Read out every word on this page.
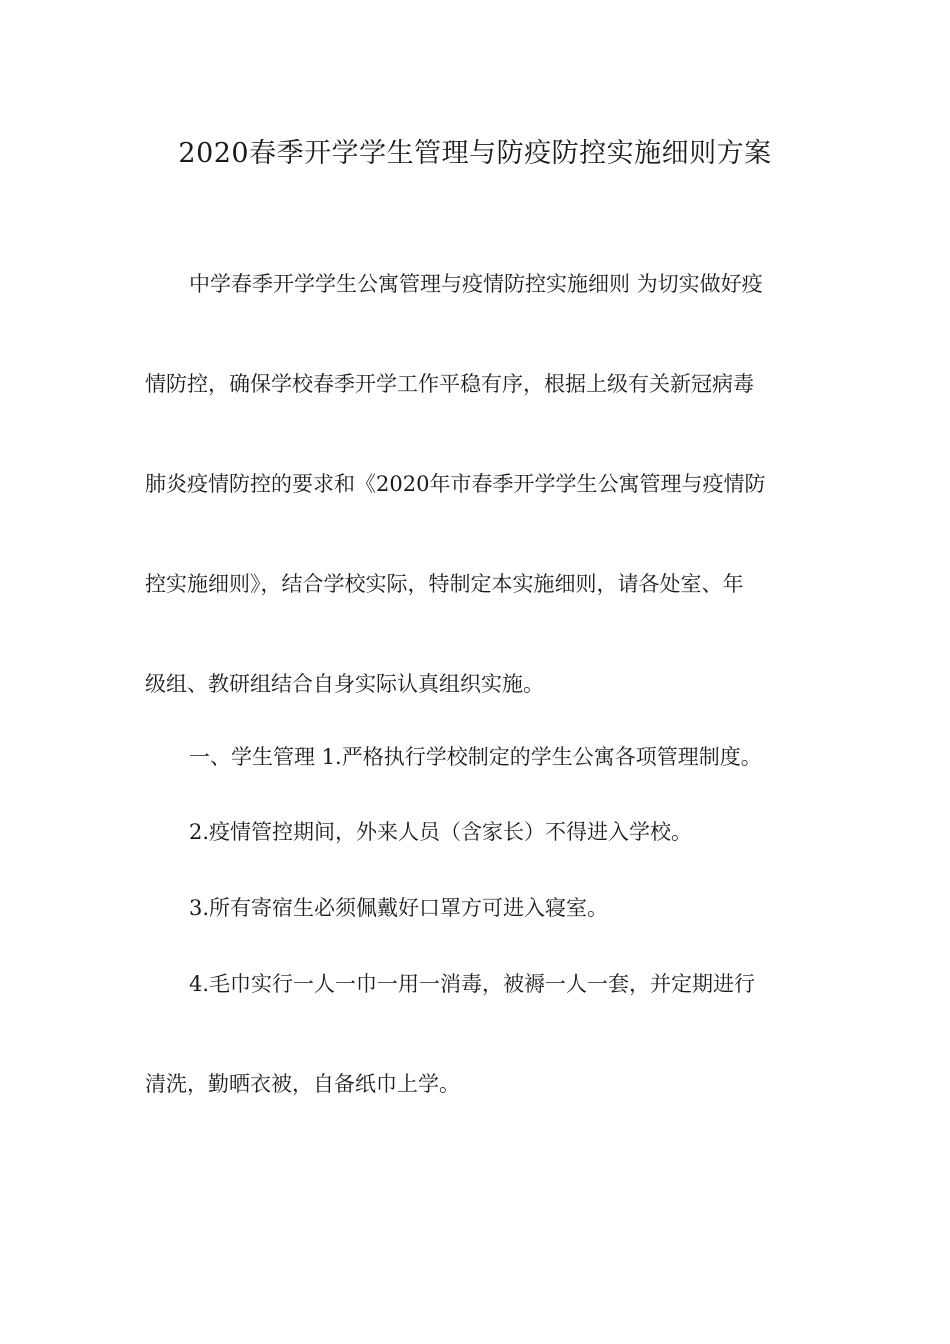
2020春季开学学生管理与防疫防控实施细则方案

中学春季开学学生公寓管理与疫情防控实施细则 为切实做好疫

情防控，确保学校春季开学工作平稳有序，根据上级有关新冠病毒

肺炎疫情防控的要求和《2020年市春季开学学生公寓管理与疫情防

控实施细则》，结合学校实际，特制定本实施细则，请各处室、年

级组、教研组结合自身实际认真组织实施。

一、学生管理 1.严格执行学校制定的学生公寓各项管理制度。

2.疫情管控期间，外来人员（含家长）不得进入学校。

3.所有寄宿生必须佩戴好口罩方可进入寝室。

4.毛巾实行一人一巾一用一消毒，被褥一人一套，并定期进行

清洗，勤晒衣被，自备纸巾上学。
